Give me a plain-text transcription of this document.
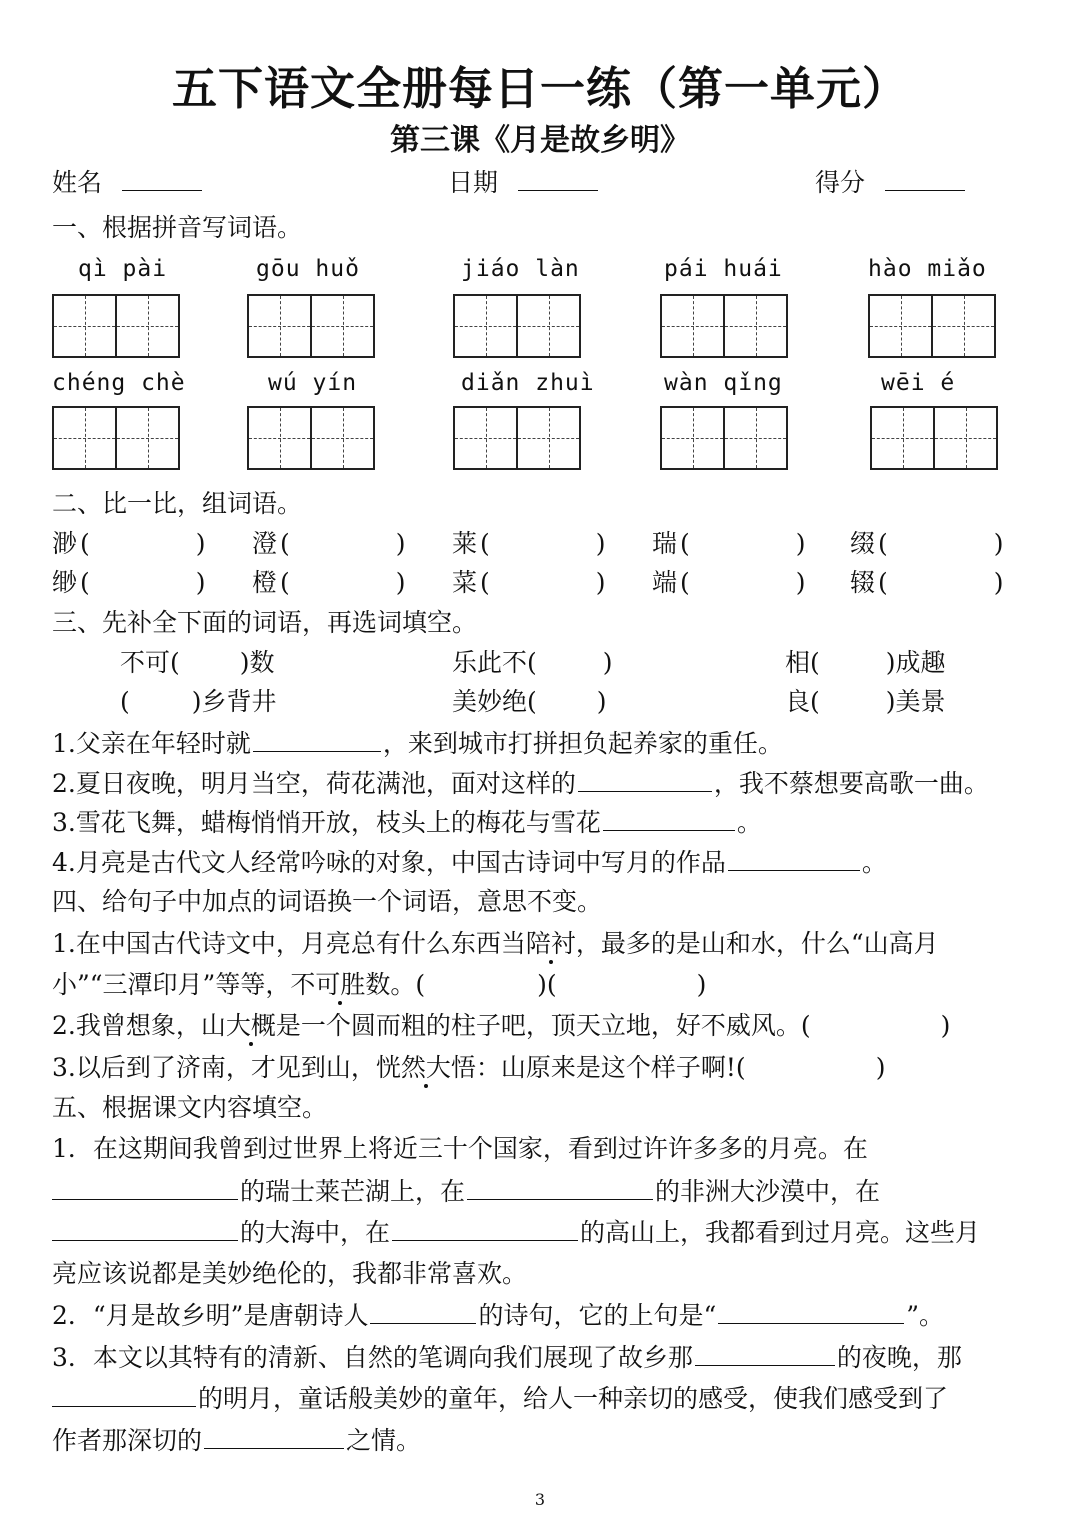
五下语文全册每日一练（第一单元）
第三课《月是故乡明》
姓名	日期	得分
一、根据拼音写词语。
qì pài	gōu huǒ	jiáo làn	pái huái	hào miǎo
chéng chè	wú yín	diǎn zhuì	wàn qǐng	wēi é
二、比一比，组词语。
渺 (	) 澄 (	) 莱 (	) 瑞 (	) 缀 (	)
缈 (	) 橙 (	) 菜 (	) 端 (	) 辍 (	)
三、先补全下面的词语，再选词填空。
不可( )数	乐此不(	)	相(	)成趣
( )乡背井	美妙绝( )	良(	)美景
1.父亲在年轻时就	，来到城市打拼担负起养家的重任。
2.夏日夜晚，明月当空，荷花满池，面对这样的	，我不蔡想要高歌一曲。
3.雪花飞舞，蜡梅悄悄开放，枝头上的梅花与雪花	。
4.月亮是古代文人经常吟咏的对象，中国古诗词中写月的作品	。
四、给句子中加点的词语换一个词语，意思不变。
1.在中国古代诗文中，月亮总有什么东西当陪衬，最多的是山和水，什么“山高月
小”“三潭印月”等等，不可胜数。(	)(	)
2.我曾想象，山大概是一个圆而粗的柱子吧，顶天立地，好不威风。(	)
3.以后到了济南，才见到山，恍然大悟：山原来是这个样子啊!(	)
五、根据课文内容填空。
1．在这期间我曾到过世界上将近三十个国家，看到过许许多多的月亮。在
的瑞士莱芒湖上，在	的非洲大沙漠中，在
的大海中，在	的高山上，我都看到过月亮。这些月
亮应该说都是美妙绝伦的，我都非常喜欢。
2．“月是故乡明”是唐朝诗人	的诗句，它的上句是“	”。
3．本文以其特有的清新、自然的笔调向我们展现了故乡那	的夜晚，那
的明月，童话般美妙的童年，给人一种亲切的感受，使我们感受到了
作者那深切的	之情。
3
